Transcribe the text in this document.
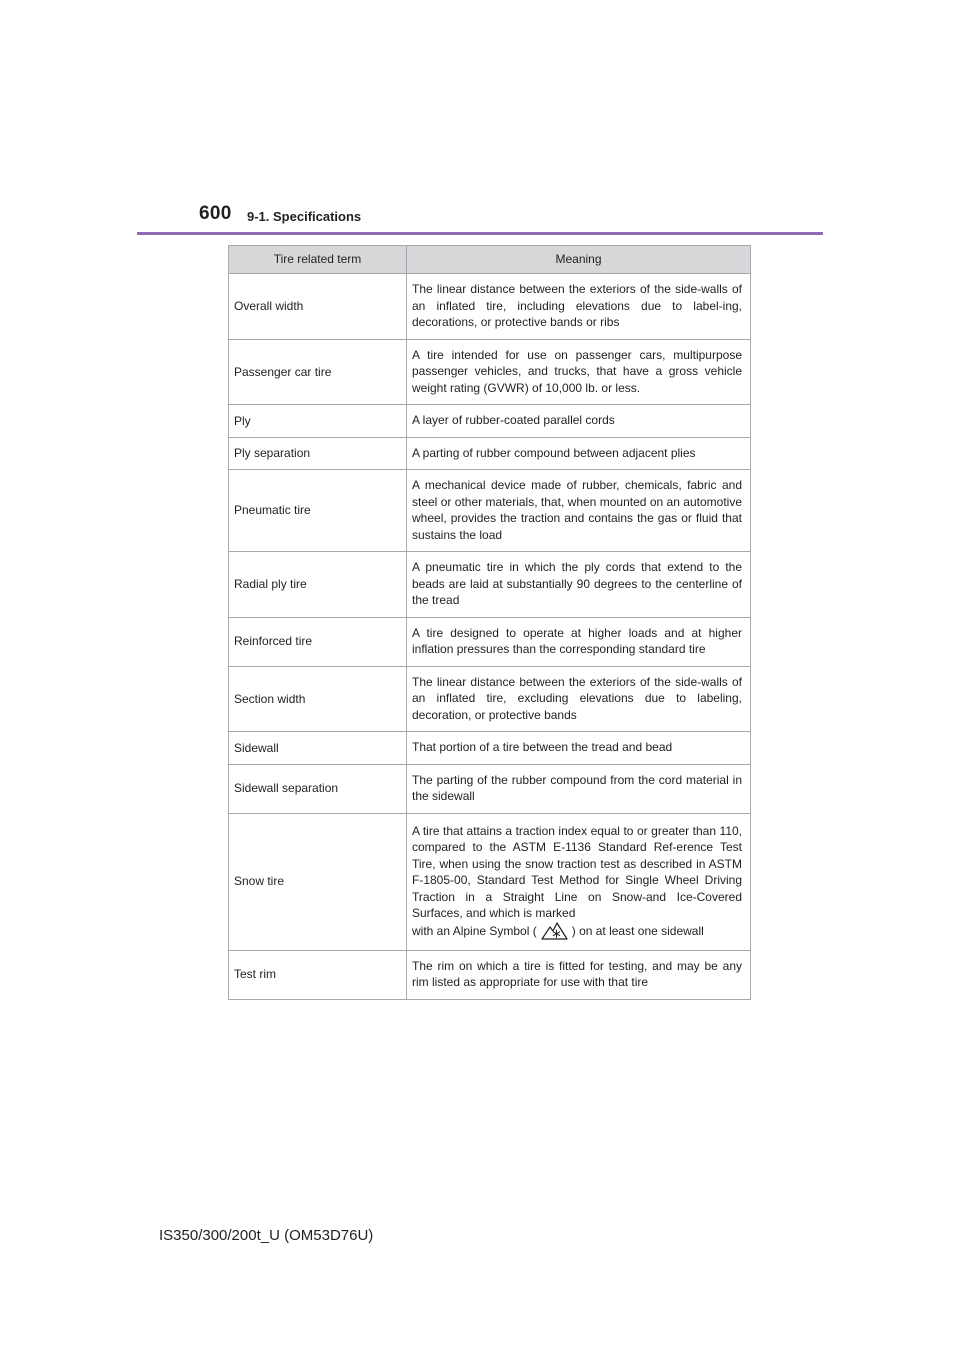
600 9-1. Specifications
Tire related term	Meaning
Overall width	The linear distance between the exteriors of the side-walls of an inflated tire, including elevations due to label-ing, decorations, or protective bands or ribs
Passenger car tire	A tire intended for use on passenger cars, multipurpose passenger vehicles, and trucks, that have a gross vehicle weight rating (GVWR) of 10,000 lb. or less.
Ply	A layer of rubber-coated parallel cords
Ply separation	A parting of rubber compound between adjacent plies
Pneumatic tire	A mechanical device made of rubber, chemicals, fabric and steel or other materials, that, when mounted on an automotive wheel, provides the traction and contains the gas or fluid that sustains the load
Radial ply tire	A pneumatic tire in which the ply cords that extend to the beads are laid at substantially 90 degrees to the centerline of the tread
Reinforced tire	A tire designed to operate at higher loads and at higher inflation pressures than the corresponding standard tire
Section width	The linear distance between the exteriors of the side-walls of an inflated tire, excluding elevations due to labeling, decoration, or protective bands
Sidewall	That portion of a tire between the tread and bead
Sidewall separation	The parting of the rubber compound from the cord material in the sidewall
Snow tire	A tire that attains a traction index equal to or greater than 110, compared to the ASTM E-1136 Standard Ref-erence Test Tire, when using the snow traction test as described in ASTM F-1805-00, Standard Test Method for Single Wheel Driving Traction in a Straight Line on Snow-and Ice-Covered Surfaces, and which is marked
with an Alpine Symbol ( ) on at least one sidewall
Test rim	The rim on which a tire is fitted for testing, and may be any rim listed as appropriate for use with that tire
IS350/300/200t_U (OM53D76U)
